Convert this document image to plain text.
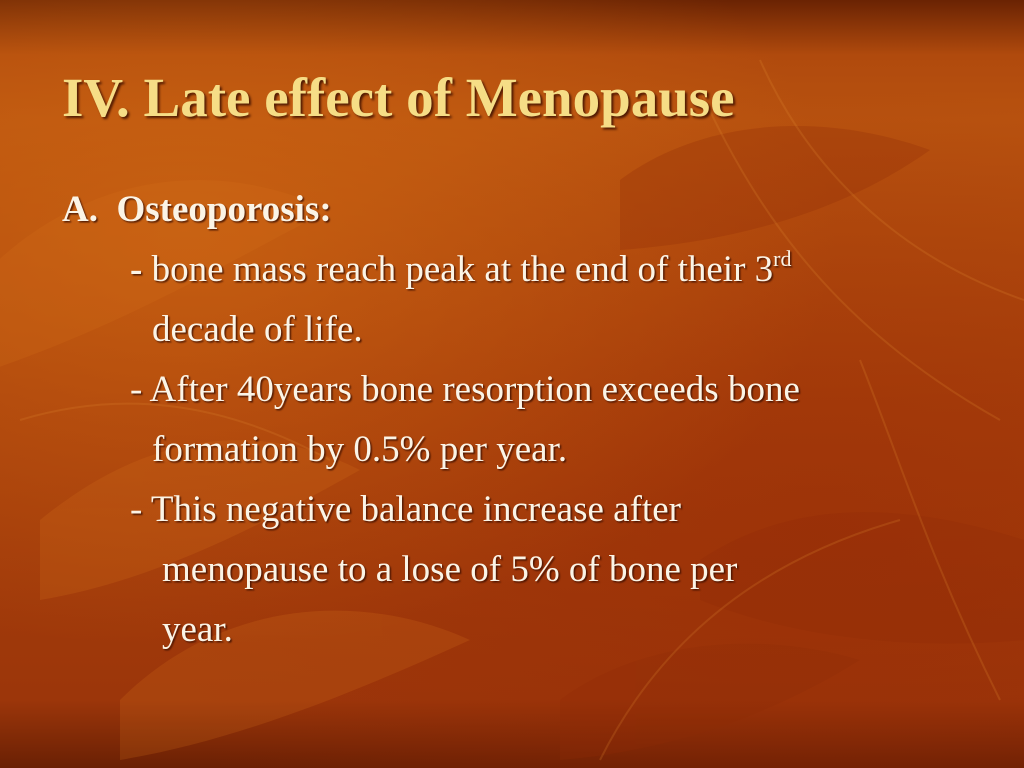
IV. Late effect of Menopause
A. Osteoporosis:
- bone mass reach peak at the end of their 3rd
decade of life.
- After 40years bone resorption exceeds bone
formation by 0.5% per year.
- This negative balance increase after
menopause to a lose of 5% of bone per
year.
